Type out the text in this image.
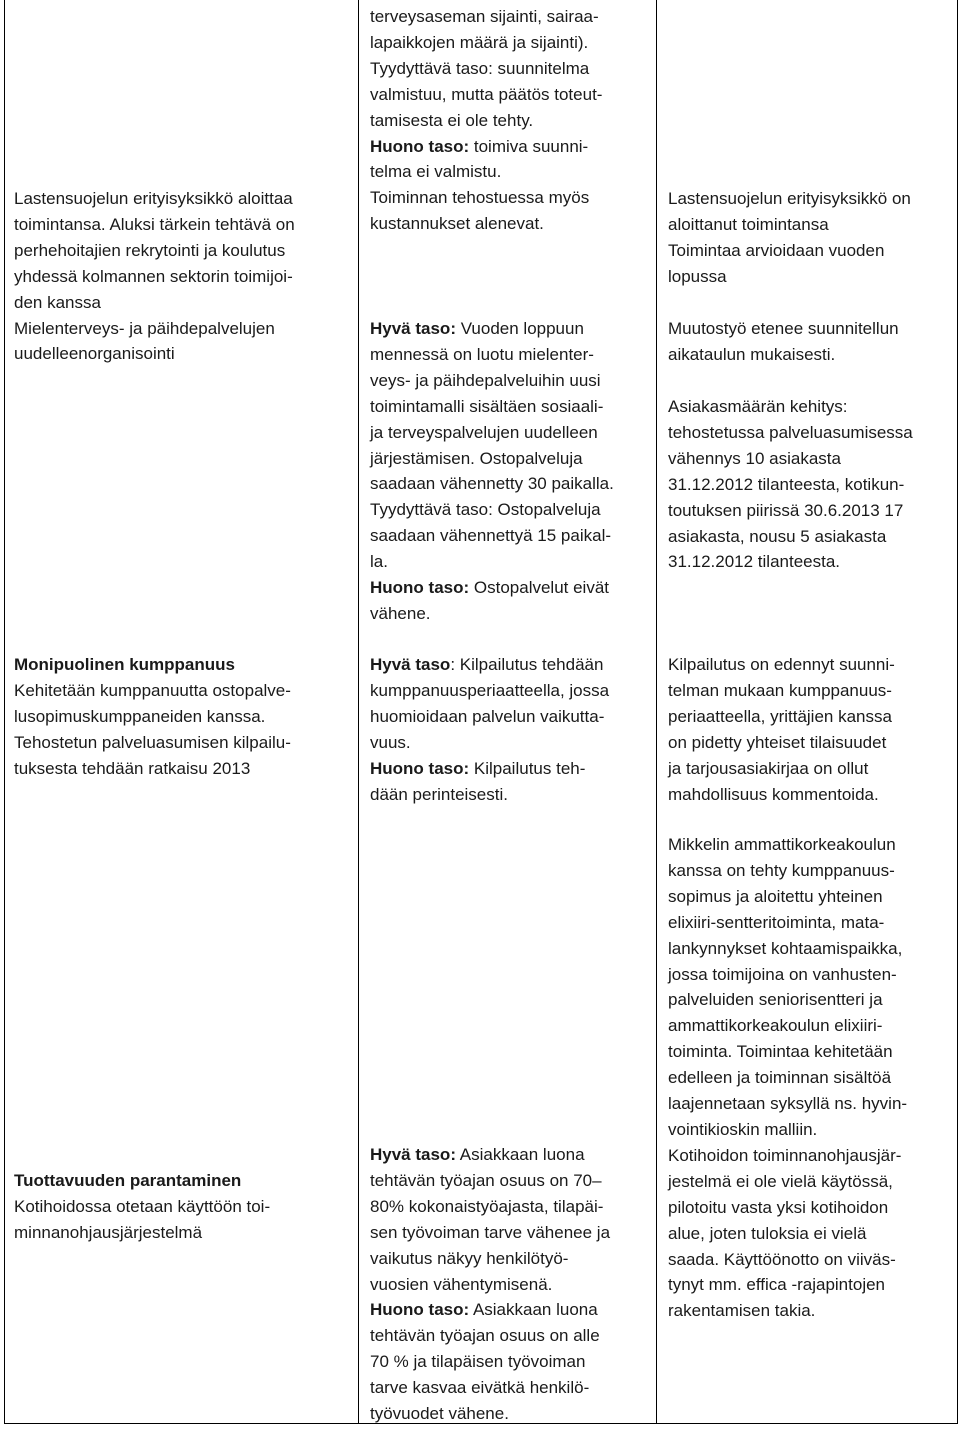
Lastensuojelun erityisyksikkö aloittaa
toimintansa. Aluksi tärkein tehtävä on
perhehoitajien rekrytointi ja koulutus
yhdessä kolmannen sektorin toimijoi-
den kanssa
Mielenterveys- ja päihdepalvelujen
uudelleenorganisointi

Monipuolinen kumppanuus
Kehitetään kumppanuutta ostopalve-
lusopimuskumppaneiden kanssa.
Tehostetun palveluasumisen kilpailu-
tuksesta tehdään ratkaisu 2013

Tuottavuuden parantaminen
Kotihoidossa otetaan käyttöön toi-
minnanohjausjärjestelmä

terveysaseman sijainti, sairaa-
lapaikkojen määrä ja sijainti).
Tyydyttävä taso: suunnitelma
valmistuu, mutta päätös toteut-
tamisesta ei ole tehty.
Huono taso: toimiva suunni-
telma ei valmistu.
Toiminnan tehostuessa myös
kustannukset alenevat.
Hyvä taso: Vuoden loppuun
mennessä on luotu mielenter-
veys- ja päihdepalveluihin uusi
toimintamalli sisältäen sosiaali-
ja terveyspalvelujen uudelleen
järjestämisen. Ostopalveluja
saadaan vähennetty 30 paikalla.
Tyydyttävä taso: Ostopalveluja
saadaan vähennettyä 15 paikal-
la.
Huono taso: Ostopalvelut eivät
vähene.
Hyvä taso: Kilpailutus tehdään
kumppanuusperiaatteella, jossa
huomioidaan palvelun vaikutta-
vuus.
Huono taso: Kilpailutus teh-
dään perinteisesti.
Hyvä taso: Asiakkaan luona
tehtävän työajan osuus on 70–
80% kokonaistyöajasta, tilapäi-
sen työvoiman tarve vähenee ja
vaikutus näkyy henkilötyö-
vuosien vähentymisenä.
Huono taso: Asiakkaan luona
tehtävän työajan osuus on alle
70 % ja tilapäisen työvoiman
tarve kasvaa eivätkä henkilö-
työvuodet vähene.
Lastensuojelun erityisyksikkö on
aloittanut toimintansa
Toimintaa arvioidaan vuoden
lopussa
Muutostyö etenee suunnitellun
aikataulun mukaisesti.
Asiakasmäärän kehitys:
tehostetussa palveluasumisessa
vähennys 10 asiakasta
31.12.2012 tilanteesta, kotikun-
toutuksen piirissä 30.6.2013 17
asiakasta, nousu 5 asiakasta
31.12.2012 tilanteesta.
Kilpailutus on edennyt suunni-
telman mukaan kumppanuus-
periaatteella, yrittäjien kanssa
on pidetty yhteiset tilaisuudet
ja tarjousasiakirjaa on ollut
mahdollisuus kommentoida.
Mikkelin ammattikorkeakoulun
kanssa on tehty kumppanuus-
sopimus ja aloitettu yhteinen
elixiiri-sentteritoiminta, mata-
lankynnykset kohtaamispaikka,
jossa toimijoina on vanhusten-
palveluiden seniorisentteri ja
ammattikorkeakoulun elixiiri-
toiminta. Toimintaa kehitetään
edelleen ja toiminnan sisältöä
laajennetaan syksyllä ns. hyvin-
vointikioskin malliin.
Kotihoidon toiminnanohjausjär-
jestelmä ei ole vielä käytössä,
pilotoitu vasta yksi kotihoidon
alue, joten tuloksia ei vielä
saada. Käyttöönotto on viiväs-
tynyt mm. effica -rajapintojen
rakentamisen takia.
